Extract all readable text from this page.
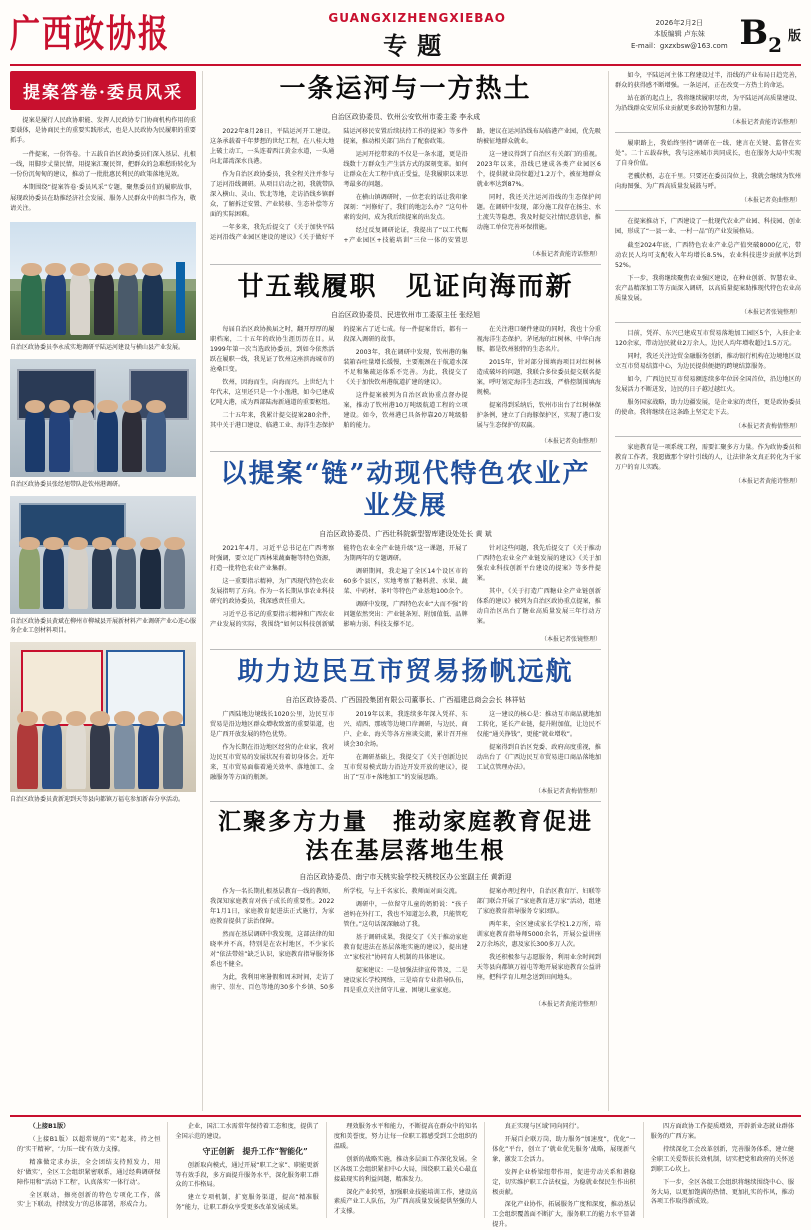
广西政协报	GUANGXIZHENGXIEBAO
专题
2026年2月2日
本版编辑 卢东妹
E-mail：gxzxbsw@163.com $B_2$ 版
提案答卷·委员风采

提案是履行人民政协职能、发挥人民政协专门协商机构作用的重要载体，是协商民主的重要实践形式，也是人民政协为民履职的重要抓手。

一件提案，一份答卷。十五载自治区政协委员们深入基层、扎根一线，用脚步丈量民情，用提案汇聚民智，把群众的急难愁盼转化为一份份沉甸甸的建议，推动了一批批惠民利民的政策落地见效。

本期围绕“提案答卷·委员风采”专题，聚焦委员们的履职故事，展现政协委员在助推经济社会发展、服务人民群众中的担当作为，敬请关注。

自治区政协委员李永成实地调研平陆运河建设与横山县产业发展。
自治区政协委员张经旭带队赴钦州港调研。
自治区政协委员黄斌在柳州市柳城县开展新材料产业调研产业心连心服务企业工创材料项目。
自治区政协委员黄新迎到天等县向都镇万福屯参加新春分享活动。
一条运河与一方热土
自治区政协委员、钦州公安钦州市委主委 李永成

2022年8月28日，平陆运河开工建设。这条承载着千年梦想的世纪工程，在八桂大地上破土动工，一头连着西江黄金水道，一头通向北部湾深水良港。

作为自治区政协委员，我全程关注并参与了运河沿线调研。从项目启动之初，我就带队深入横山、灵山、钦北等地，走访沿线乡镇群众，了解拆迁安置、产业转移、生态补偿等方面的实际困难。

一年多来，我先后提交了《关于加快平陆运河沿线产业园区建设的建议》《关于做好平陆运河移民安置后续扶持工作的提案》等多件提案，推动相关部门出台了配套政策。

运河开挖带来的不仅是一条水道，更是沿线数十万群众生产生活方式的深刻变革。如何让群众在大工程中真正受益，是我履职以来思考最多的问题。

在横山镇调研时，一位老农的话让我印象深刻：“河修好了，我们的地怎么办？”这句朴素的发问，成为我后续提案的出发点。

经过反复调研论证，我提出了“以工代赈+产业园区+技能培训”三位一体的安置思路，建议在运河沿线布局临港产业园，优先吸纳被征地群众就业。

这一建议得到了自治区有关部门的重视。2023年以来，沿线已建成各类产业园区6个，提供就业岗位超过1.2万个，被征地群众就业率达到87%。

同时，我还关注运河沿线的生态保护问题。在调研中发现，部分施工段存在扬尘、水土流失等隐患，我及时提交社情民意信息，推动施工单位完善环保措施。

（本报记者黄能诗话整理）
廿五载履职　见证向海而新
自治区政协委员、民进钦州市工委原主任 张经旭

每届自治区政协换届之时，翻开厚厚的履职档案，二十五年的政协生涯历历在目。从1999年第一次当选政协委员，到如今依然活跃在履职一线，我见证了钦州这座滨海城市的沧桑巨变。

钦州，因海而生，向海而兴。上世纪九十年代末，这里还只是一个小渔港，如今已建成亿吨大港，成为西部陆海新通道的重要枢纽。

二十五年来，我累计提交提案280余件，其中关于港口建设、临港工业、海洋生态保护的提案占了近七成。每一件提案背后，都有一段深入调研的故事。

2003年，我在调研中发现，钦州港的集装箱吞吐量增长缓慢，主要瓶颈在于航道水深不足和集疏运体系不完善。为此，我提交了《关于加快钦州港航道扩建的建议》。

这件提案被列为自治区政协重点督办提案，推动了钦州港10万吨级航道工程的立项建设。如今，钦州港已具备停靠20万吨级船舶的能力。

在关注港口硬件建设的同时，我也十分重视海洋生态保护。茅尾海的红树林、中华白海豚，都是钦州独特的生态名片。

2015年，针对部分围填海项目对红树林造成破坏的问题，我联合多位委员提交联名提案，呼吁划定海洋生态红线，严格控制围填海规模。

提案得到采纳后，钦州市出台了红树林保护条例，建立了白海豚保护区，实现了港口发展与生态保护的双赢。

（本报记者莫曲整理）
以提案“链”动现代特色农业产业发展
自治区政协委员、广西壮科院新型智库建设处处长 黄 斌

2021年4月，习近平总书记在广西考察时强调，要立足广西林果蔬畜糖等特色资源，打造一批特色农业产业集群。

这一重要指示精神，为广西现代特色农业发展指明了方向。作为一名长期从事农业科技研究的政协委员，我深感责任重大。

习近平总书记的重要指示精神和广西农业产业发展的实际，我围绕“如何以科技创新赋能特色农业全产业链升级”这一课题，开展了为期两年的专题调研。

调研期间，我走遍了全区14个设区市的60多个县区，实地考察了糖料蔗、水果、蔬菜、中药材、茶叶等特色产业基地100余个。

调研中发现，广西特色农业“大而不强”的问题依然突出：产业链条短、附加值低、品牌影响力弱、科技支撑不足。

针对这些问题，我先后提交了《关于推动广西特色农业全产业链发展的建议》《关于加强农业科技创新平台建设的提案》等多件提案。

其中，《关于打造广西糖业全产业链创新体系的建议》被列为自治区政协重点提案，推动自治区出台了糖业高质量发展三年行动方案。

（本报记者张镜整理）
助力边民互市贸易扬帆远航
自治区政协委员、广西国投集团有限公司董事长、广西福建总商会会长 林祥钻

广西陆地边境线长1020公里，边民互市贸易是沿边地区群众增收致富的重要渠道，也是广西开放发展的特色优势。

作为长期在沿边地区经营的企业家，我对边民互市贸易的发展状况有着切身体会。近年来，互市贸易面临着通关效率、落地加工、金融服务等方面的瓶颈。

2019年以来，我连续多年深入凭祥、东兴、靖西、那坡等边境口岸调研，与边民、商户、企业、海关等各方座谈交流，累计召开座谈会30余场。

在调研基础上，我提交了《关于创新边民互市贸易模式助力沿边开发开放的建议》，提出了“互市+落地加工”的发展思路。

这一建议的核心是：推动互市商品就地加工转化，延长产业链，提升附加值，让边民不仅能“通关挣钱”，更能“就业增收”。

提案得到自治区党委、政府高度重视，推动出台了《广西边民互市贸易进口商品落地加工试点管理办法》。

（本报记者黄梅倩整理）
汇聚多方力量　推动家庭教育促进法在基层落地生根
自治区政协委员、南宁市天桃实验学校天桃校区办公室副主任 黄新迎

作为一名长期扎根基层教育一线的教师，我深知家庭教育对孩子成长的重要性。2022年1月1日，家庭教育促进法正式施行，为家庭教育提供了法治保障。

然而在基层调研中我发现，这部法律的知晓率并不高，特别是在农村地区，不少家长对“依法带娃”缺乏认识，家庭教育指导服务体系也不健全。

为此，我利用寒暑假和周末时间，走访了南宁、崇左、百色等地的30多个乡镇、50多所学校，与上千名家长、教师面对面交流。

调研中，一位留守儿童的奶奶说：“孩子爸妈在外打工，我也不知道怎么教，只能管吃管住。”这句话深深触动了我。

基于调研成果，我提交了《关于推动家庭教育促进法在基层落地实施的建议》，提出建立“家校社”协同育人机制的具体建议。

提案建议：一是加强法律宣传普及，二是建设家长学校网络，三是培育专业指导队伍，四是重点关注留守儿童、困境儿童家庭。

提案办理过程中，自治区教育厅、妇联等部门联合开展了“家庭教育进万家”活动，组建了家庭教育指导服务专家团队。

两年来，全区建成家长学校1.2万所，培训家庭教育指导师5000余名，开展公益讲座2万余场次，惠及家长300多万人次。

我还积极参与志愿服务，利用业余时间到天等县向都镇万福屯等地开展家庭教育公益讲座，把科学育儿理念送到田间地头。

（本报记者黄能诗整理）

如今，平陆运河主体工程建设过半，沿线的产业布局日趋完善，群众的获得感不断增强。一条运河，正在改变一方热土的命运。

站在新的起点上，我将继续履职尽责，为平陆运河高质量建设、为沿线群众安居乐业贡献更多政协智慧和力量。

（本报记者黄能诗话整理）

履职路上，我始终坚持“调研在一线、建言在关键、监督在实处”。二十五载春秋，我与这座城市共同成长，也在服务大局中实现了自身价值。

老骥伏枥，志在千里。只要还在委员岗位上，我就会继续为钦州向海图强、为广西高质量发展鼓与呼。

（本报记者莫曲整理）

在提案推动下，广西建设了一批现代农业产业园、科技园、创业园，形成了“一县一业、一村一品”的产业发展格局。

截至2024年底，广西特色农业产业总产值突破8000亿元，带动农民人均可支配收入年均增长8.5%，农业科技进步贡献率达到52%。

下一步，我将继续聚焦农业强区建设，在种业创新、智慧农业、农产品精深加工等方面深入调研，以高质量提案助推现代特色农业高质量发展。

（本报记者张镜整理）

目前，凭祥、东兴已建成互市贸易落地加工园区5个，入驻企业120余家，带动边民就业2万余人，边民人均年增收超过1.5万元。

同时，我还关注边贸金融服务创新，推动银行机构在边境地区设立互市贸易结算中心，为边民提供便捷的跨境结算服务。

如今，广西边民互市贸易额连续多年位居全国首位，沿边地区的发展活力不断迸发，边民的日子越过越红火。

服务国家战略，助力边疆发展，是企业家的责任，更是政协委员的使命。我将继续在这条路上坚定走下去。

（本报记者黄梅倩整理）

家庭教育是一项系统工程，需要汇聚多方力量。作为政协委员和教育工作者，我愿做那个穿针引线的人，让法律条文真正转化为千家万户的育儿实践。

（本报记者黄能诗整理）

（上接B1版）

（上接B1版）以超常规的“实”起来，持之恒的‘实干精神’，‘力压一线’有效力支撑。

精准做定求办法，全会团结支持照发力，用好‘做实’，全区工会组织紧密联系，通过经典调研保障作用和“活动下工程’，认真落实‘一体行动’。

全区联动，擦亮创新的特色专项化工作，落实‘上下联动，持续发力’的总体部署，形成合力。

企业，国汇工水需常年保持着工态和度，提供了全国示范的建设。

守正创新　提升工作“智能化”

创新取向模式，通过开展“职工之家”、职能更新等有效手段，多方面提升服务水平，深化服务职工群众的工作格局。

建立专项机制，扩宽服务渠道，提高“精准服务”能力，让职工群众享受更多改革发展成果。

理效服务水平和能力，不断提高在群众中的知名度和美誉度，努力让每一位职工都感受到工会组织的温暖。

创新的战略实施，推动多层面工作深化发展。全区各级工会组织紧扣中心大局，围绕职工最关心最直接最现实的利益问题，精准发力。

深化产业转型，加强职业技能培训工作，建设高素质产业工人队伍，为广西高质量发展提供坚强的人才支撑。

真正实现与区域‘同向同行’。

开展百企联万岗，助力服务“加速度”，优化“一体化”平台，创立了‘就业优先服务’战略，展现新气象，激发工会活力。

发挥企业桥梁纽带作用，促进劳动关系和谐稳定，切实维护职工合法权益，为稳就业保民生作出积极贡献。

深化产业协作，拓展服务广度和深度，推动基层工会组织覆盖面不断扩大，服务职工的能力水平显著提升。

四方面政协工作提质增效，开辟新业态就业群体服务的广西方案。

持续深化工会改革创新，完善服务体系，建立健全职工关爱帮扶长效机制，切实把党和政府的关怀送到职工心坎上。

下一步，全区各级工会组织将继续围绕中心、服务大局，以更加饱满的热情、更加扎实的作风，推动各项工作取得新成效。
